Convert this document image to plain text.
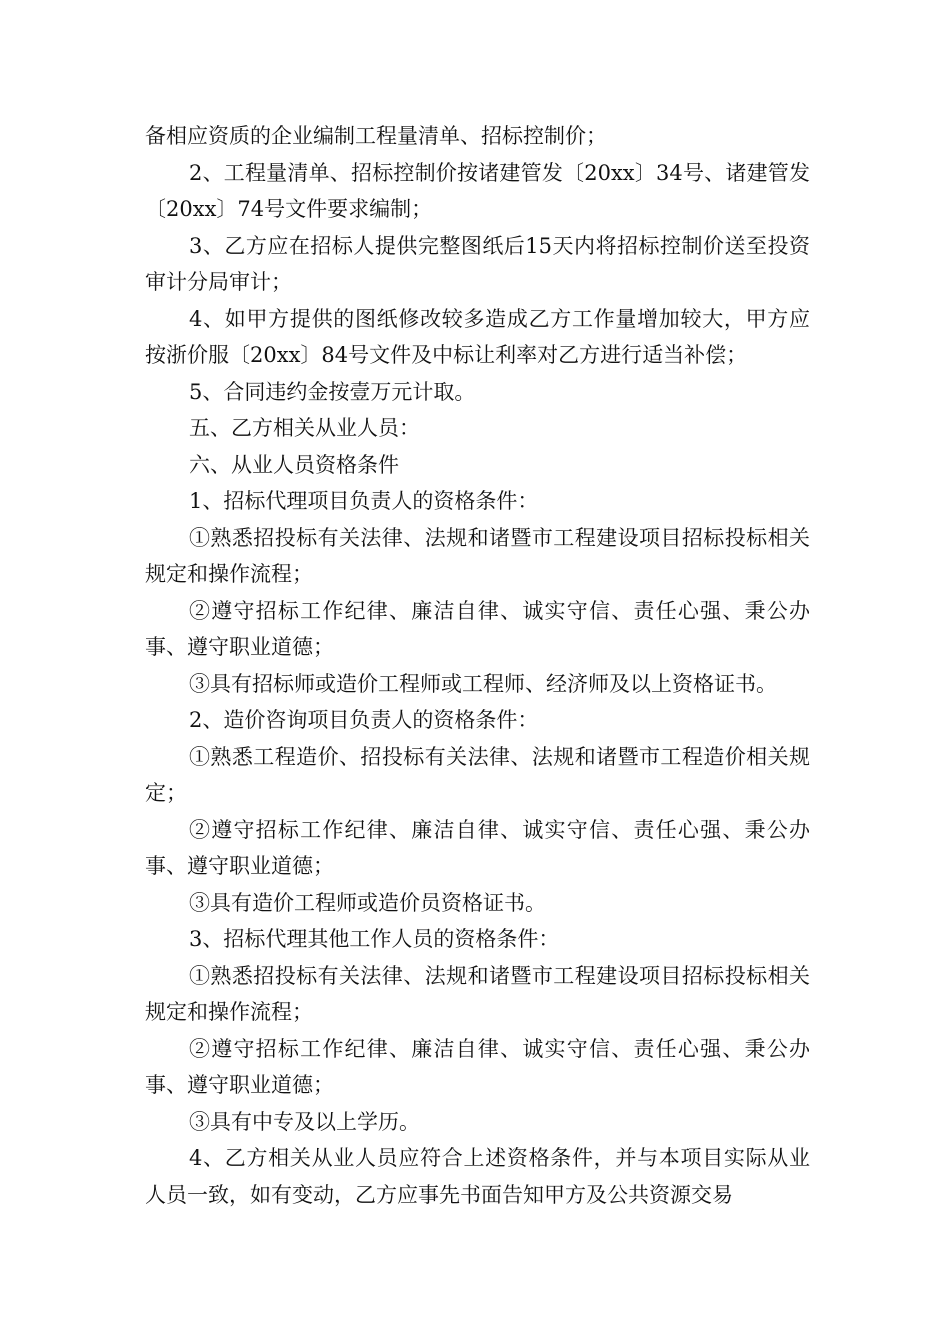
备相应资质的企业编制工程量清单、招标控制价；

2、工程量清单、招标控制价按诸建管发〔20xx〕34号、诸建管发〔20xx〕74号文件要求编制；

3、乙方应在招标人提供完整图纸后15天内将招标控制价送至投资审计分局审计；

4、如甲方提供的图纸修改较多造成乙方工作量增加较大，甲方应按浙价服〔20xx〕84号文件及中标让利率对乙方进行适当补偿；

5、合同违约金按壹万元计取。

五、乙方相关从业人员：

六、从业人员资格条件

1、招标代理项目负责人的资格条件：

①熟悉招投标有关法律、法规和诸暨市工程建设项目招标投标相关规定和操作流程；

②遵守招标工作纪律、廉洁自律、诚实守信、责任心强、秉公办事、遵守职业道德；

③具有招标师或造价工程师或工程师、经济师及以上资格证书。

2、造价咨询项目负责人的资格条件：

①熟悉工程造价、招投标有关法律、法规和诸暨市工程造价相关规定；

②遵守招标工作纪律、廉洁自律、诚实守信、责任心强、秉公办事、遵守职业道德；

③具有造价工程师或造价员资格证书。

3、招标代理其他工作人员的资格条件：

①熟悉招投标有关法律、法规和诸暨市工程建设项目招标投标相关规定和操作流程；

②遵守招标工作纪律、廉洁自律、诚实守信、责任心强、秉公办事、遵守职业道德；

③具有中专及以上学历。

4、乙方相关从业人员应符合上述资格条件，并与本项目实际从业人员一致，如有变动，乙方应事先书面告知甲方及公共资源交易
